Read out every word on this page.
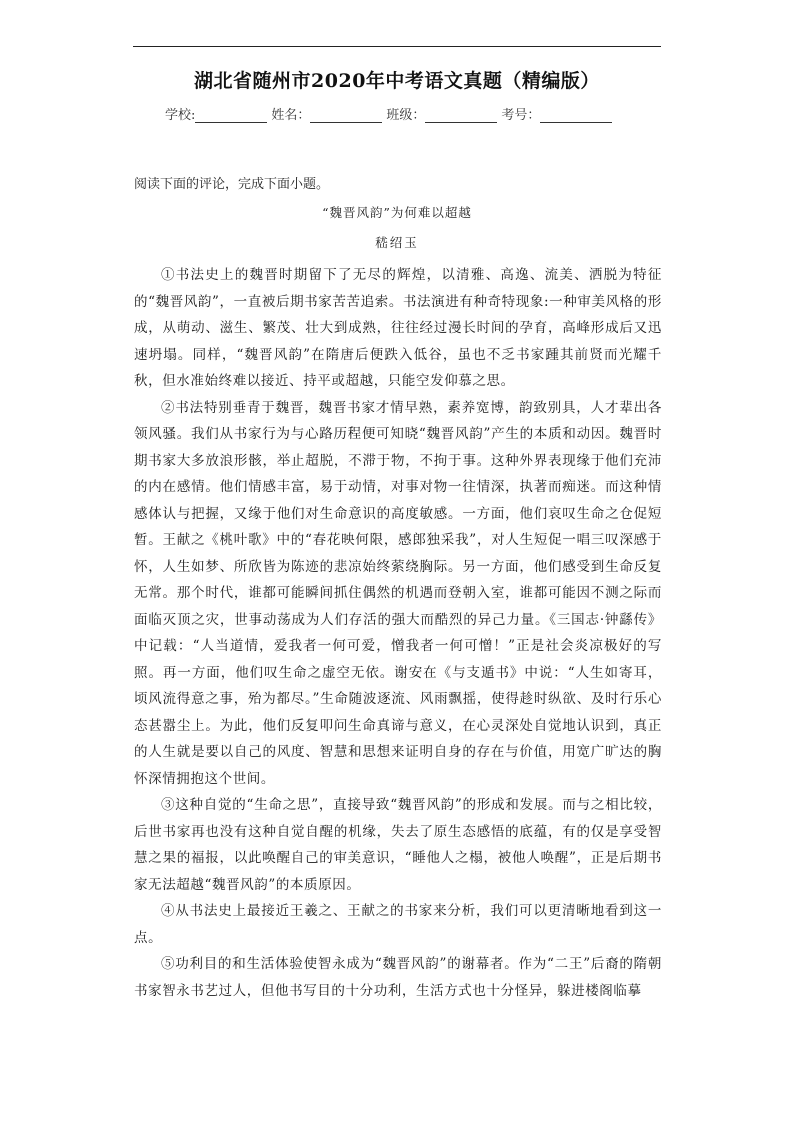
湖北省随州市2020年中考语文真题（精编版）
学校:	姓名：	班级：	考号：
阅读下面的评论，完成下面小题。
“魏晋风韵”为何难以超越
嵇绍玉

①书法史上的魏晋时期留下了无尽的辉煌，以清雅、高逸、流美、洒脱为特征的“魏晋风韵”，一直被后期书家苦苦追索。书法演进有种奇特现象:一种审美风格的形成，从萌动、滋生、繁茂、壮大到成熟，往往经过漫长时间的孕育，高峰形成后又迅速坍塌。同样，“魏晋风韵”在隋唐后便跌入低谷，虽也不乏书家踵其前贤而光耀千秋，但水准始终难以接近、持平或超越，只能空发仰慕之思。

②书法特别垂青于魏晋，魏晋书家才情早熟，素养宽博，韵致别具，人才辈出各领风骚。我们从书家行为与心路历程便可知晓“魏晋风韵”产生的本质和动因。魏晋时期书家大多放浪形骸，举止超脱，不滞于物，不拘于事。这种外界表现缘于他们充沛的内在感情。他们情感丰富，易于动情，对事对物一往情深，执著而痴迷。而这种情感体认与把握，又缘于他们对生命意识的高度敏感。一方面，他们哀叹生命之仓促短暂。王献之《桃叶歌》中的“春花映何限，感郎独采我”，对人生短促一唱三叹深感于怀，人生如梦、所欣皆为陈迹的悲凉始终萦绕胸际。另一方面，他们感受到生命反复无常。那个时代，谁都可能瞬间抓住偶然的机遇而登朝入室，谁都可能因不测之际而面临灭顶之灾，世事动荡成为人们存活的强大而酷烈的异己力量。《三国志·钟繇传》中记载：“人当道情，爱我者一何可爱，憎我者一何可憎！”正是社会炎凉极好的写照。再一方面，他们叹生命之虚空无依。谢安在《与支遁书》中说：“人生如寄耳，顷风流得意之事，殆为都尽。”生命随波逐流、风雨飘摇，使得趁时纵欲、及时行乐心态甚嚣尘上。为此，他们反复叩问生命真谛与意义，在心灵深处自觉地认识到，真正的人生就是要以自己的风度、智慧和思想来证明自身的存在与价值，用宽广旷达的胸怀深情拥抱这个世间。

③这种自觉的“生命之思”，直接导致“魏晋风韵”的形成和发展。而与之相比较，后世书家再也没有这种自觉自醒的机缘，失去了原生态感悟的底蕴，有的仅是享受智慧之果的福报，以此唤醒自己的审美意识，“睡他人之榻，被他人唤醒”，正是后期书家无法超越“魏晋风韵”的本质原因。

④从书法史上最接近王羲之、王献之的书家来分析，我们可以更清晰地看到这一点。

⑤功利目的和生活体验使智永成为“魏晋风韵”的谢幕者。作为“二王”后裔的隋朝书家智永书艺过人，但他书写目的十分功利，生活方式也十分怪异，躲进楼阁临摹
